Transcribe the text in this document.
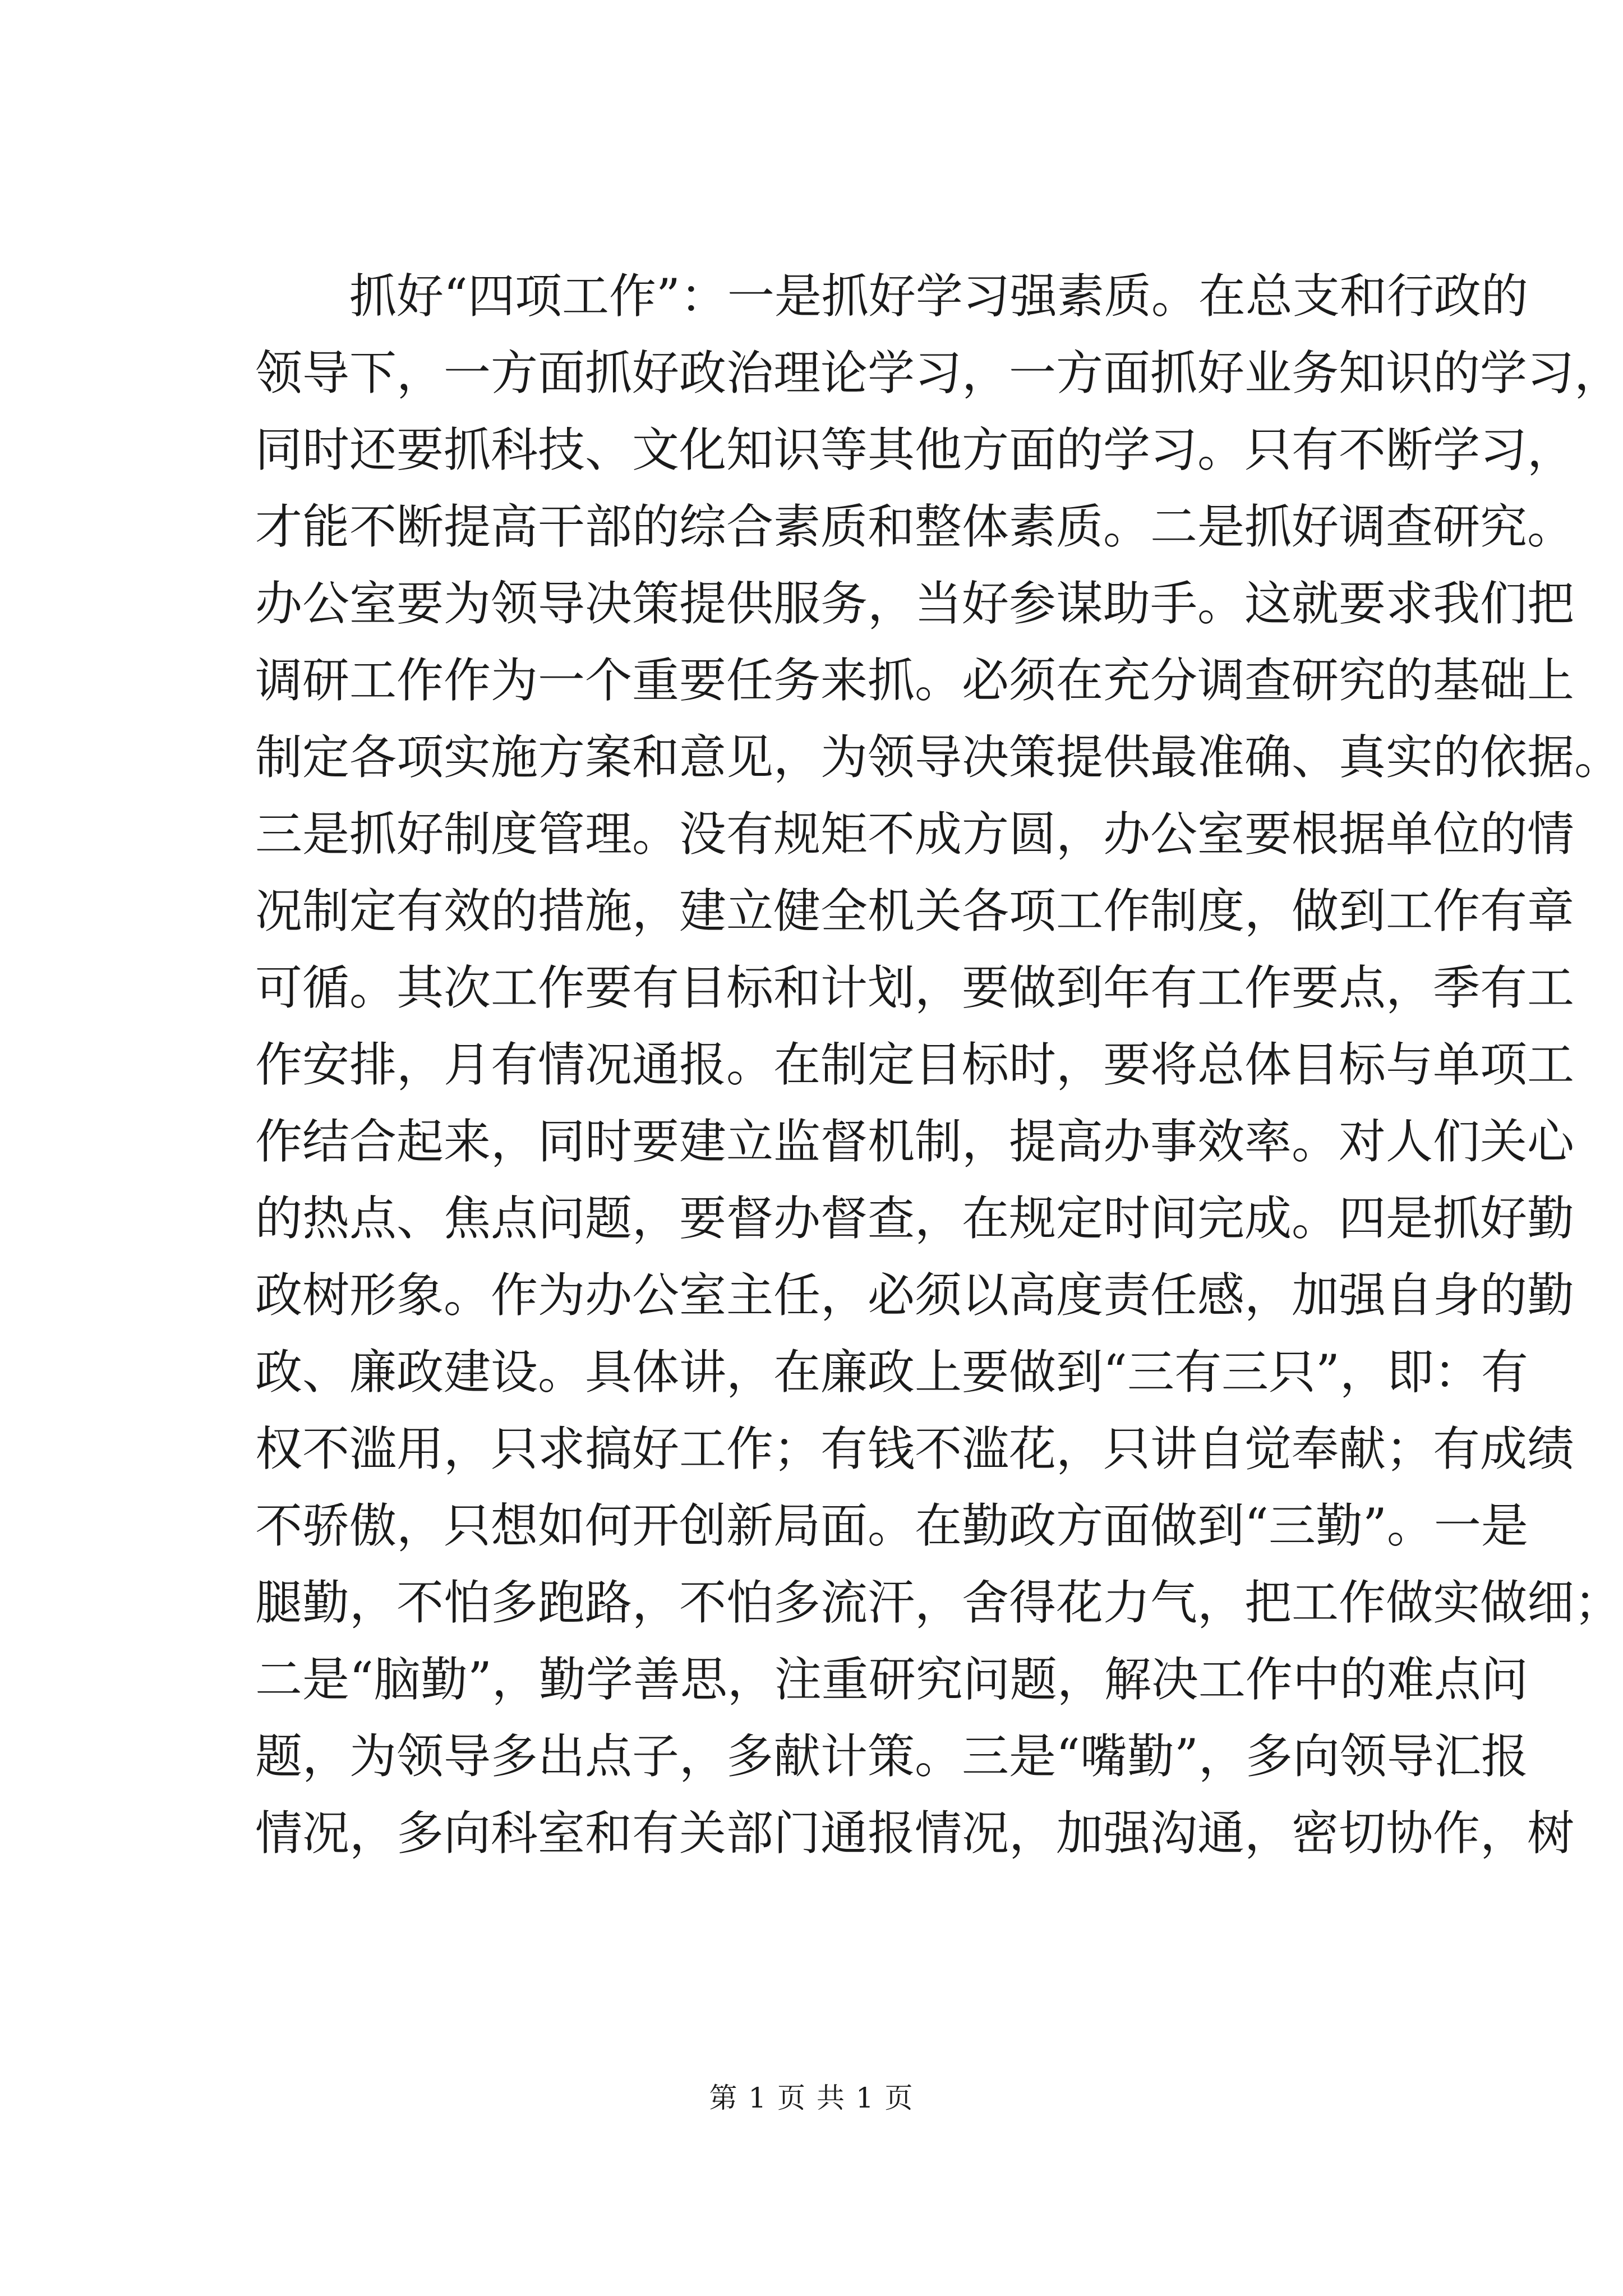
　　抓好“四项工作”：一是抓好学习强素质。在总支和行政的
领导下，一方面抓好政治理论学习，一方面抓好业务知识的学习，
同时还要抓科技、文化知识等其他方面的学习。只有不断学习，
才能不断提高干部的综合素质和整体素质。二是抓好调查研究。
办公室要为领导决策提供服务，当好参谋助手。这就要求我们把
调研工作作为一个重要任务来抓。必须在充分调查研究的基础上
制定各项实施方案和意见，为领导决策提供最准确、真实的依据。
三是抓好制度管理。没有规矩不成方圆，办公室要根据单位的情
况制定有效的措施，建立健全机关各项工作制度，做到工作有章
可循。其次工作要有目标和计划，要做到年有工作要点，季有工
作安排，月有情况通报。在制定目标时，要将总体目标与单项工
作结合起来，同时要建立监督机制，提高办事效率。对人们关心
的热点、焦点问题，要督办督查，在规定时间完成。四是抓好勤
政树形象。作为办公室主任，必须以高度责任感，加强自身的勤
政、廉政建设。具体讲，在廉政上要做到“三有三只”，即：有
权不滥用，只求搞好工作；有钱不滥花，只讲自觉奉献；有成绩
不骄傲，只想如何开创新局面。在勤政方面做到“三勤”。一是
腿勤，不怕多跑路，不怕多流汗，舍得花力气，把工作做实做细；
二是“脑勤”，勤学善思，注重研究问题，解决工作中的难点问
题，为领导多出点子，多献计策。三是“嘴勤”，多向领导汇报
情况，多向科室和有关部门通报情况，加强沟通，密切协作，树
第 1 页 共 1 页
